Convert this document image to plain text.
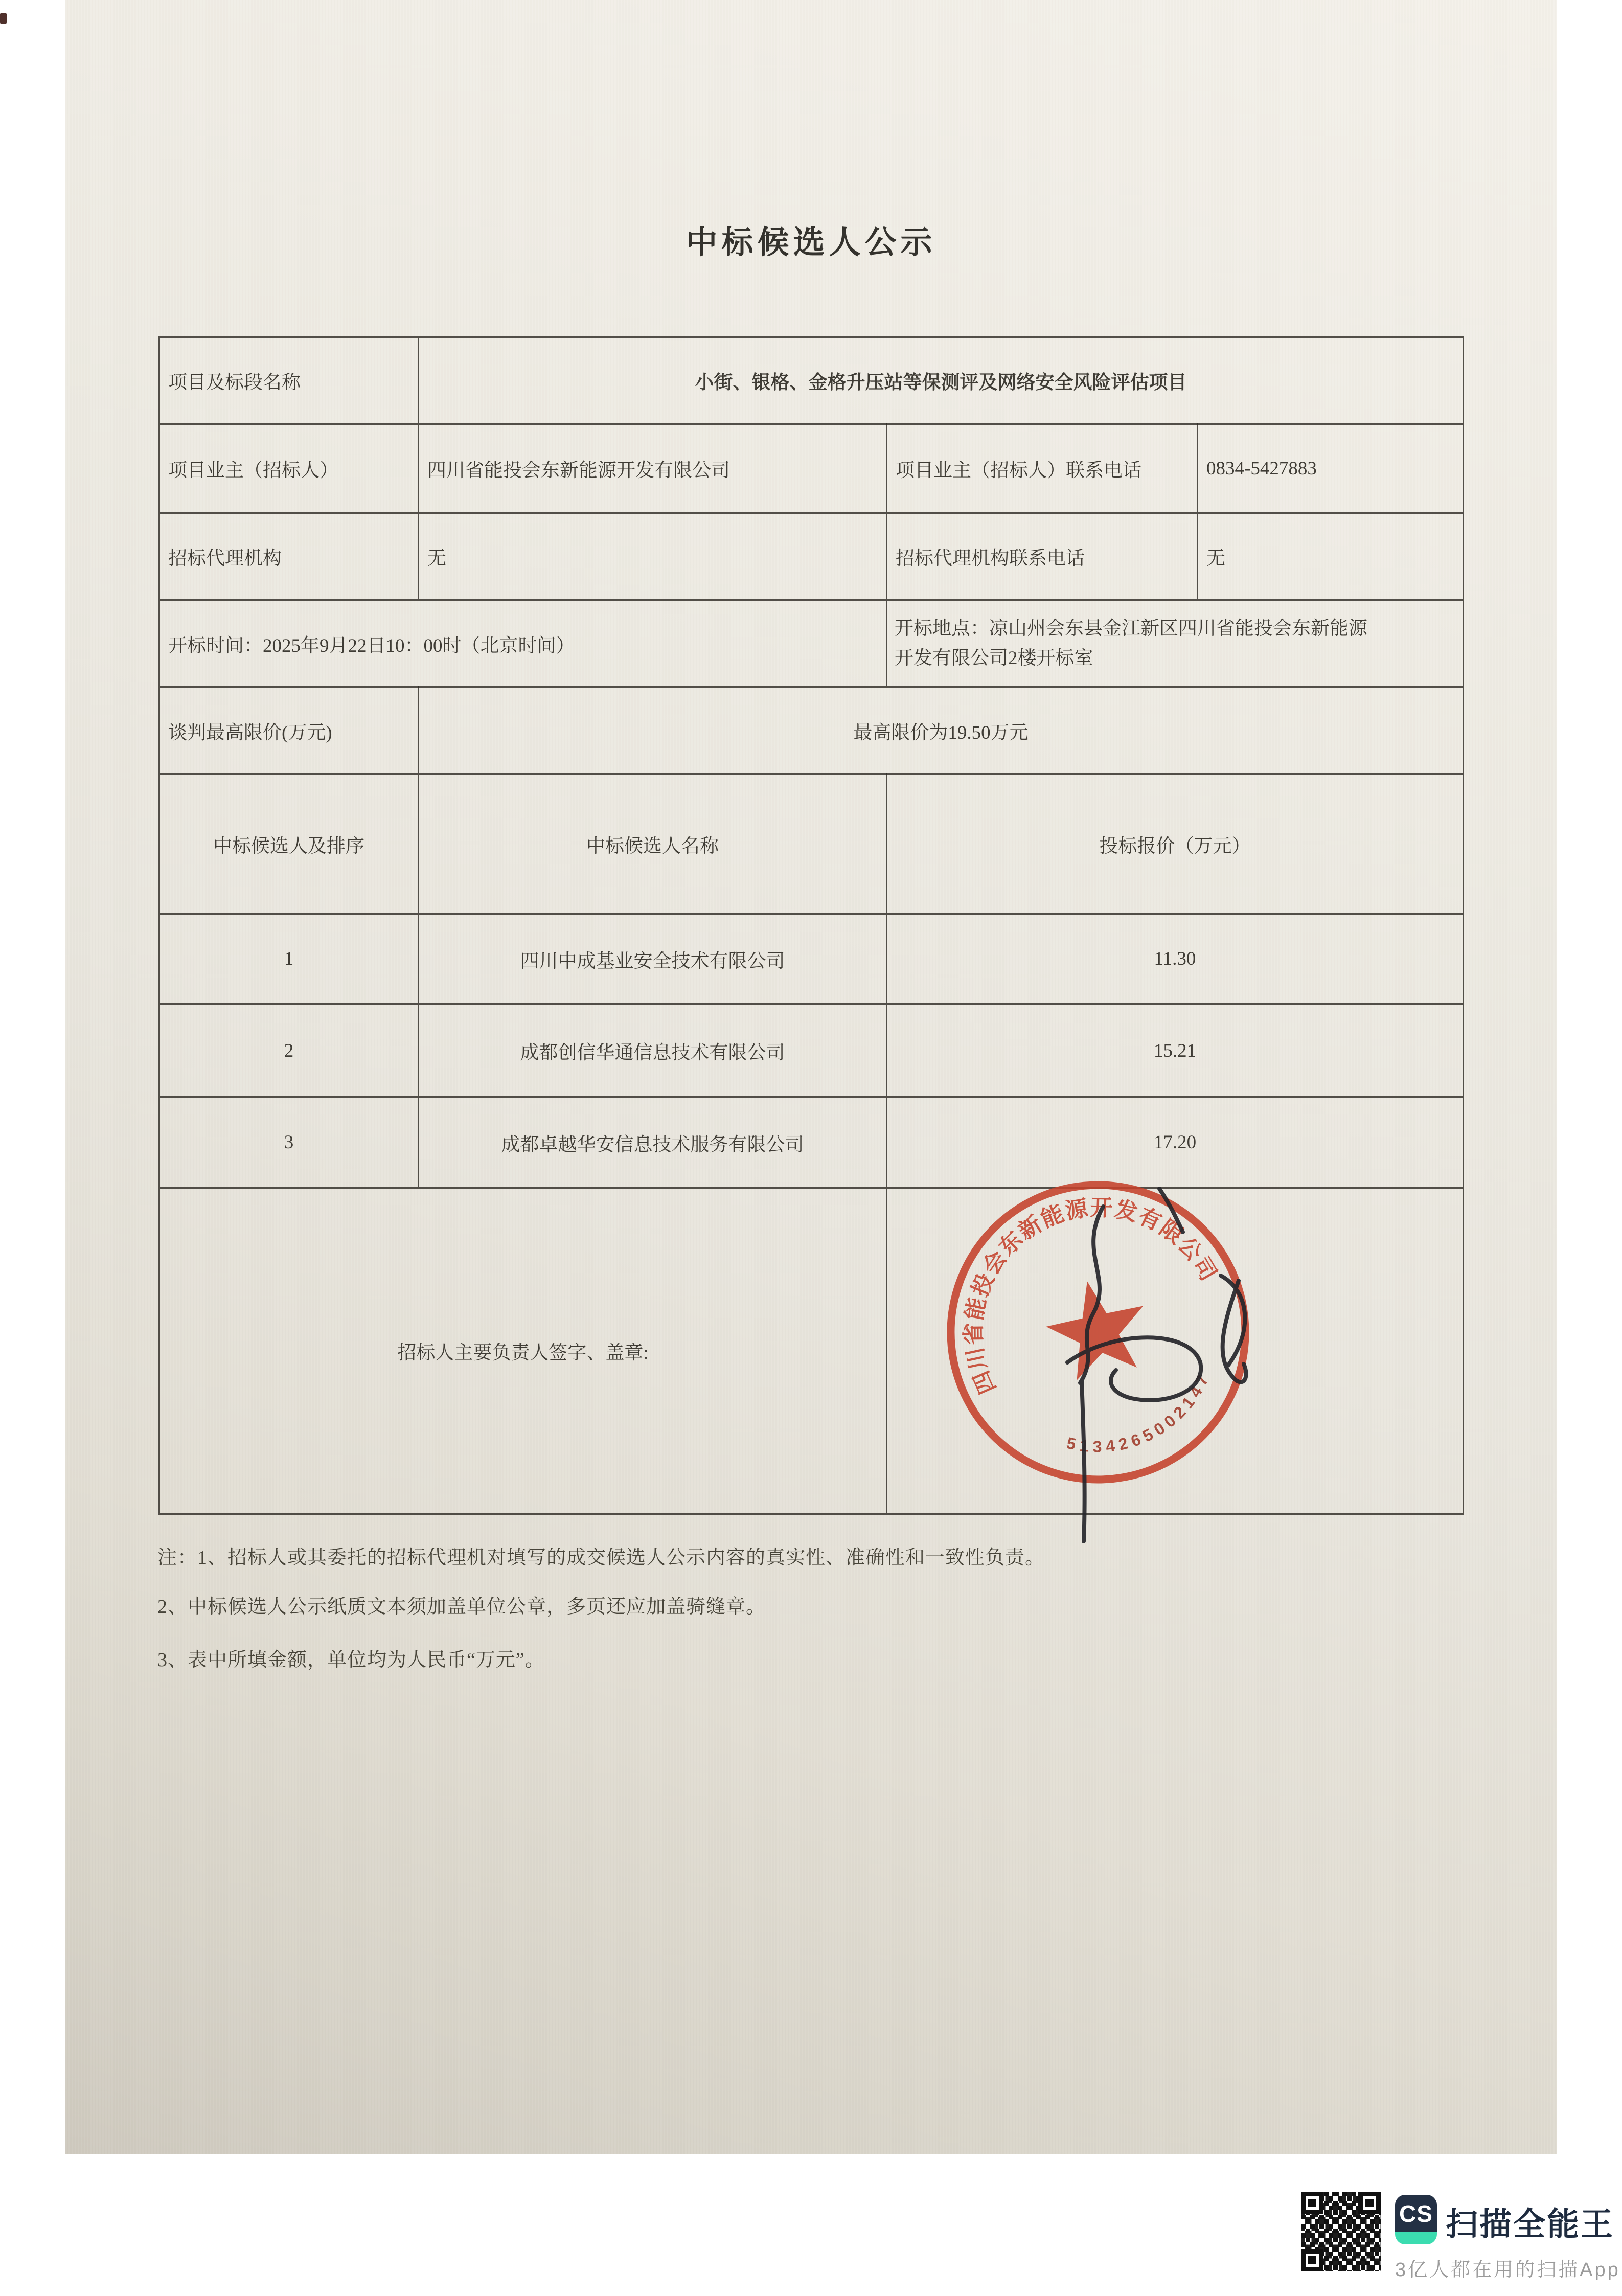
中标候选人公示
项目及标段名称	小街、银格、金格升压站等保测评及网络安全风险评估项目		
项目业主（招标人）	四川省能投会东新能源开发有限公司	项目业主（招标人）联系电话	0834-5427883
招标代理机构	无	招标代理机构联系电话	无
开标时间：2025年9月22日10：00时（北京时间）		开标地点：凉山州会东县金江新区四川省能投会东新能源开发有限公司2楼开标室	
谈判最高限价(万元)	最高限价为19.50万元		
中标候选人及排序	中标候选人名称	投标报价（万元）	
1	四川中成基业安全技术有限公司	11.30	
2	成都创信华通信息技术有限公司	15.21	
3	成都卓越华安信息技术服务有限公司	17.20	
招标人主要负责人签字、盖章:			
四川省能投会东新能源开发有限公司
5134265002147
注：1、招标人或其委托的招标代理机对填写的成交候选人公示内容的真实性、准确性和一致性负责。
2、中标候选人公示纸质文本须加盖单位公章，多页还应加盖骑缝章。
3、表中所填金额，单位均为人民币“万元”。
CS 扫描全能王
3亿人都在用的扫描App
